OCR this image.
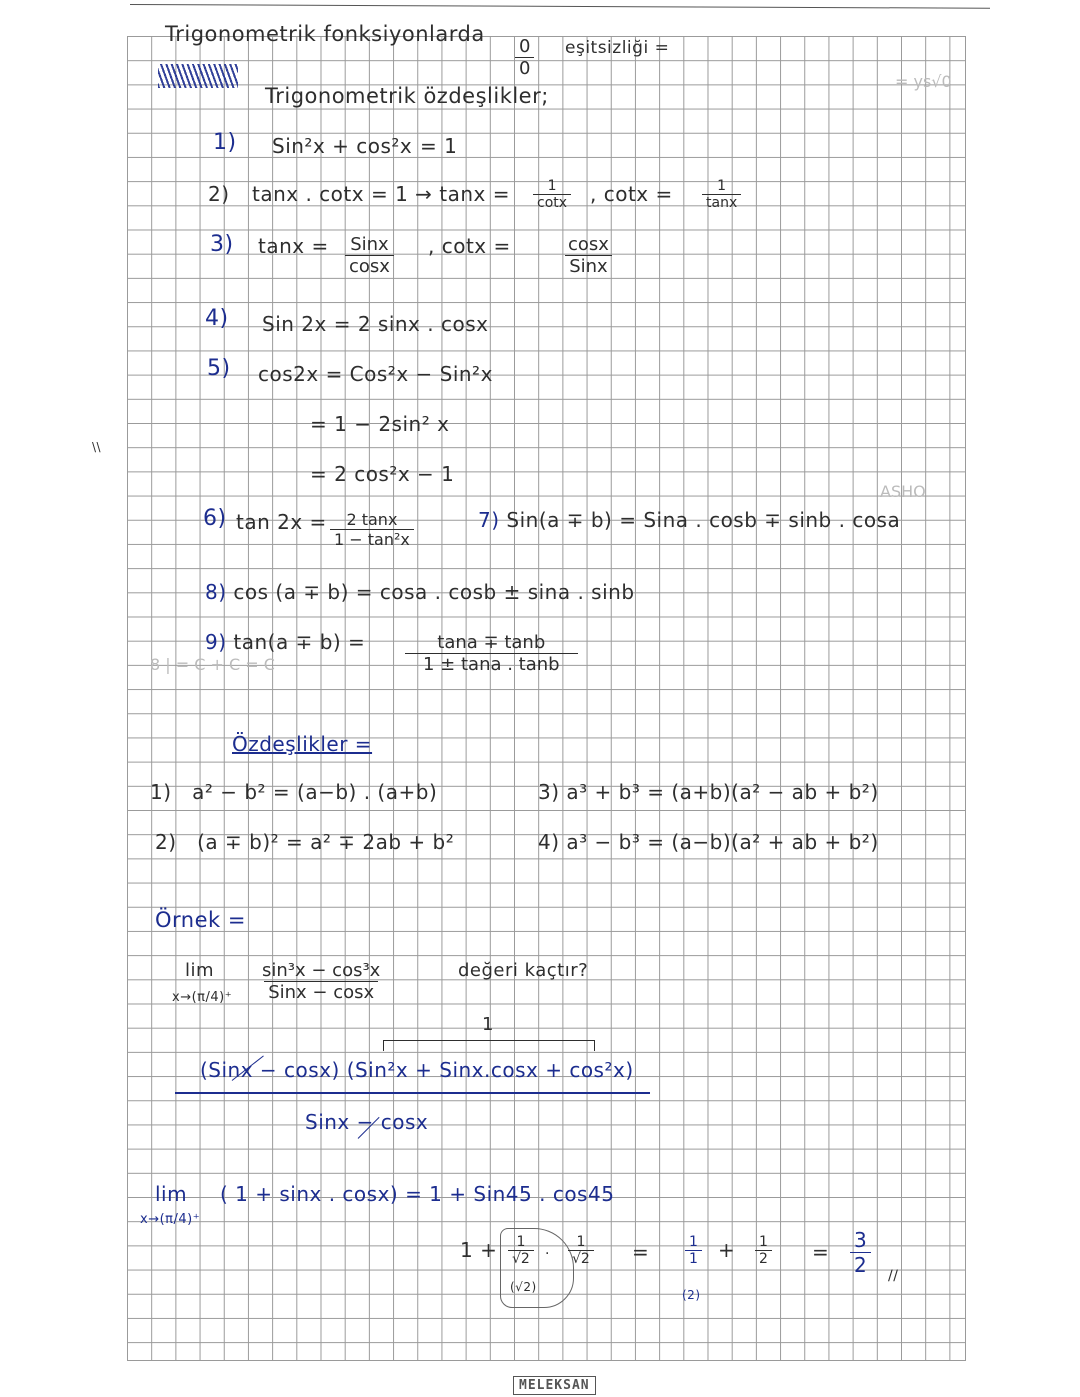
Trigonometrik fonksiyonlarda
$\frac{0}{0}$ eşitsizliği =
Trigonometrik özdeşlikler;
1) Sin²x + cos²x = 1
2) tanx . $\cot x = 1 \to \tan x = \frac{1}{\cot x}$ , $\cot x = \frac{1}{\tan x}$
3) tanx = Sinx
cosx
, cotx =	cosx
Sinx
4) Sin 2x = 2 sinx . cosx
5) cos2x = Cos²x − Sin²x
= 1 − 2sin² x
= 2 cos²x − 1
6) $\tan 2x = \frac{2 \tan x}{\text{1 − tan²x}}$	7) Sin(a ∓ b) = Sina . cosb ∓ sinb . cosa
8) cos (a ∓ b) = cosa . cosb ± sina . sinb
9) $\tan(a \mp b) = \frac{\tan a \mp \tan b}{1 \pm \tan a . \tan b}$
8 | = C + C = C
Özdeşlikler =
1) a² − b² = (a−b) . (a+b)
2) (a ∓ b)² = a² ∓ 2ab + b²
3) a³ + b³ = (a+b)(a² − ab + b²)
4) a³ − b³ = (a−b)(a² + ab + b²)
Örnek =
lim
x→(π/4)⁺
sin³x − cos³x
Sinx − cosx
değeri kaçtır?
1
(Sinx − cosx) (Sin²x + Sinx.cosx + cos²x)
Sinx − cosx
lim
x→(π/4)⁺
( 1 + sinx . cosx) = 1 + Sin45 . cos45
$1 + \frac{1}{√2}$ . $\frac{1}{√2}$
(√2)
=	$\frac{1}{1}$
(2)
+ $\frac{1}{2} = \frac{3}{2}$ //
\\
= ys√0
ASHO
MELEKSAN
